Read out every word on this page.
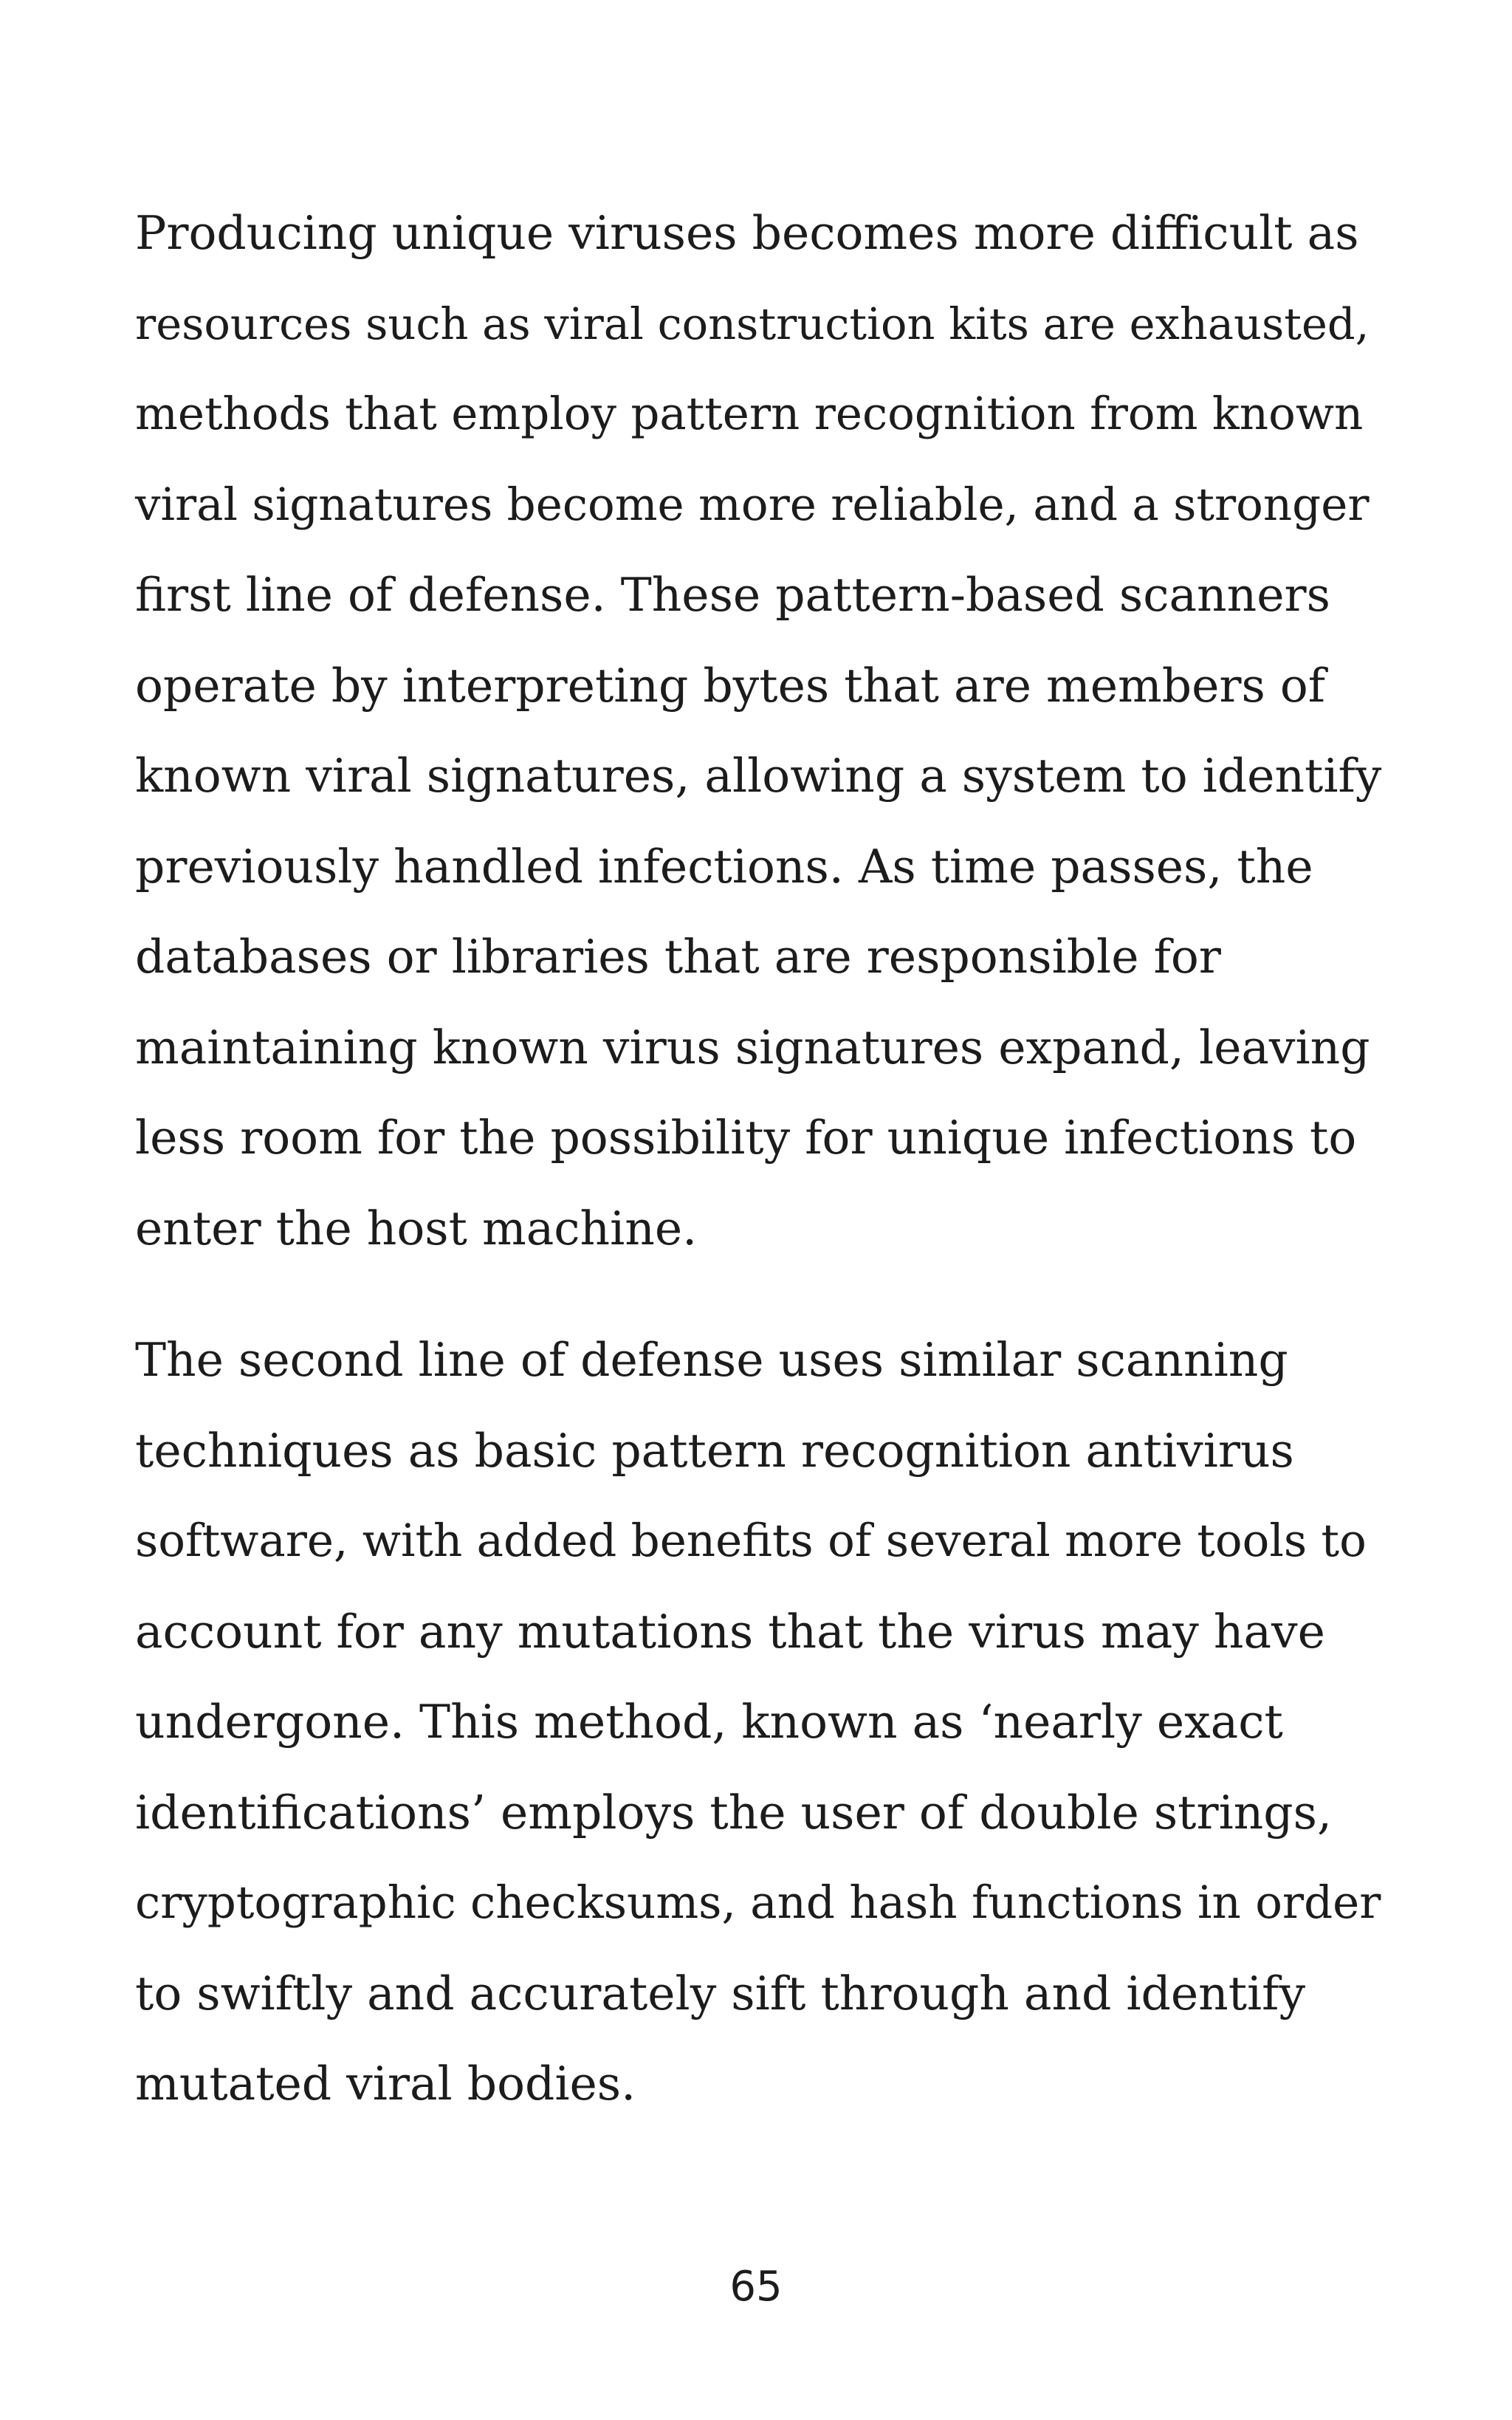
Producing unique viruses becomes more difficult as
resources such as viral construction kits are exhausted,
methods that employ pattern recognition from known
viral signatures become more reliable, and a stronger
first line of defense. These pattern-based scanners
operate by interpreting bytes that are members of
known viral signatures, allowing a system to identify
previously handled infections. As time passes, the
databases or libraries that are responsible for
maintaining known virus signatures expand, leaving
less room for the possibility for unique infections to
enter the host machine.

The second line of defense uses similar scanning
techniques as basic pattern recognition antivirus
software, with added benefits of several more tools to
account for any mutations that the virus may have
undergone. This method, known as ‘nearly exact
identifications’ employs the user of double strings,
cryptographic checksums, and hash functions in order
to swiftly and accurately sift through and identify
mutated viral bodies.

65
